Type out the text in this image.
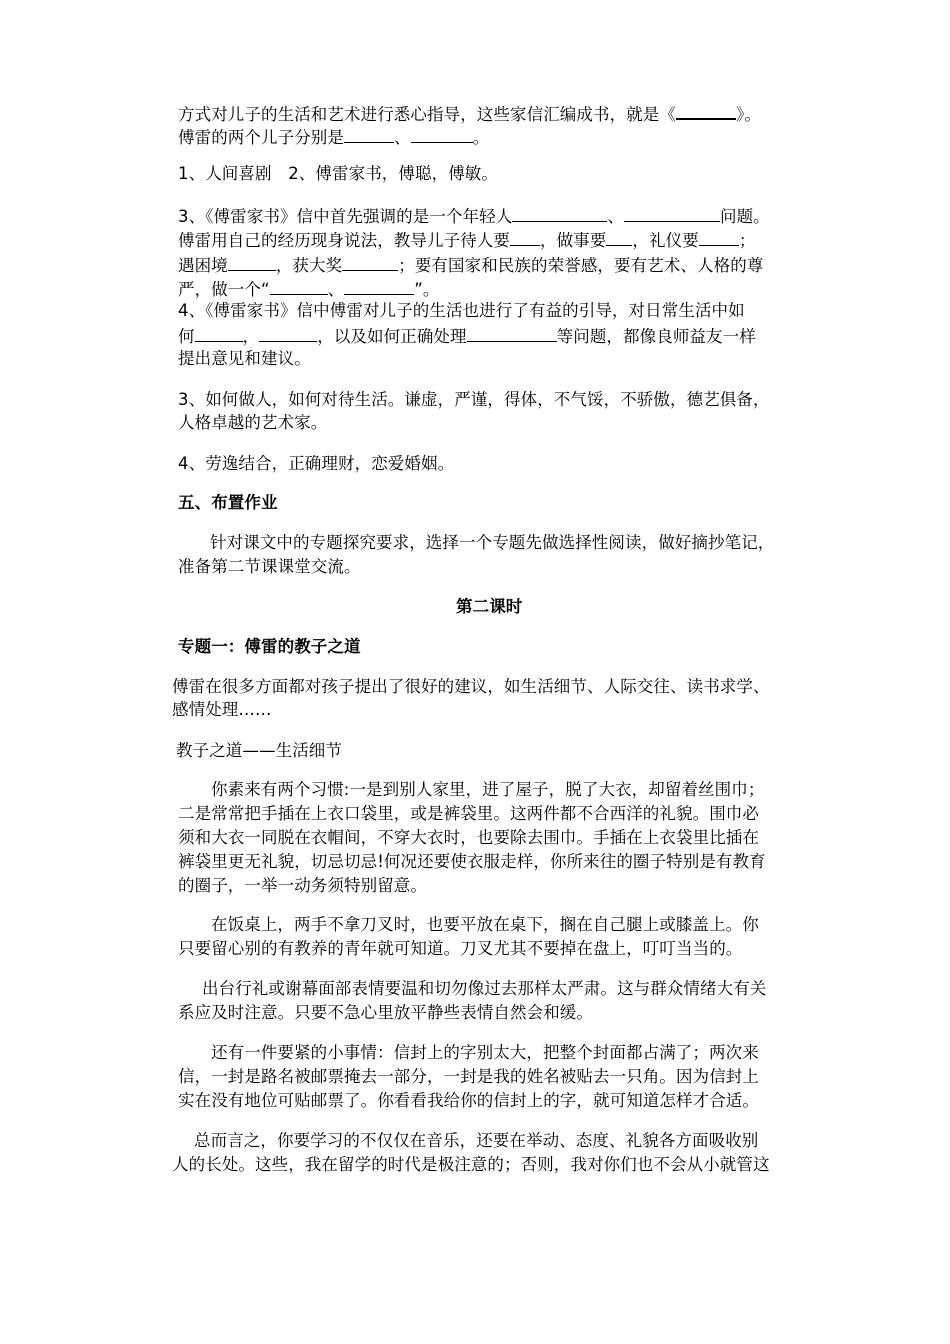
方式对儿子的生活和艺术进行悉心指导，这些家信汇编成书，就是《	》。
傅雷的两个儿子分别是	、	。
1、人间喜剧　2、傅雷家书，傅聪，傅敏。
3、《傅雷家书》信中首先强调的是一个年轻人	、	问题。
傅雷用自己的经历现身说法，教导儿子待人要 ，做事要 ，礼仪要 ；
遇困境	，获大奖	；要有国家和民族的荣誉感，要有艺术、人格的尊
严，做一个“	、	”。
4、《傅雷家书》信中傅雷对儿子的生活也进行了有益的引导，对日常生活中如
何	，	，以及如何正确处理	等问题，都像良师益友一样
提出意见和建议。
3、如何做人，如何对待生活。谦虚，严谨，得体，不气馁，不骄傲，德艺俱备，
人格卓越的艺术家。
4、劳逸结合，正确理财，恋爱婚姻。
五、布置作业
针对课文中的专题探究要求，选择一个专题先做选择性阅读，做好摘抄笔记，
准备第二节课课堂交流。
第二课时
专题一：傅雷的教子之道
傅雷在很多方面都对孩子提出了很好的建议，如生活细节、人际交往、读书求学、
感情处理……
教子之道——生活细节
你素来有两个习惯:一是到别人家里，进了屋子，脱了大衣，却留着丝围巾；
二是常常把手插在上衣口袋里，或是裤袋里。这两件都不合西洋的礼貌。围巾必
须和大衣一同脱在衣帽间，不穿大衣时，也要除去围巾。手插在上衣袋里比插在
裤袋里更无礼貌，切忌切忌!何况还要使衣服走样，你所来往的圈子特别是有教育
的圈子，一举一动务须特别留意。
在饭桌上，两手不拿刀叉时，也要平放在桌下，搁在自己腿上或膝盖上。你
只要留心别的有教养的青年就可知道。刀叉尤其不要掉在盘上，叮叮当当的。
出台行礼或谢幕面部表情要温和切勿像过去那样太严肃。这与群众情绪大有关
系应及时注意。只要不急心里放平静些表情自然会和缓。
还有一件要紧的小事情：信封上的字别太大，把整个封面都占满了；两次来
信，一封是路名被邮票掩去一部分，一封是我的姓名被贴去一只角。因为信封上
实在没有地位可贴邮票了。你看看我给你的信封上的字，就可知道怎样才合适。
总而言之，你要学习的不仅仅在音乐，还要在举动、态度、礼貌各方面吸收别
人的长处。这些，我在留学的时代是极注意的；否则，我对你们也不会从小就管这
